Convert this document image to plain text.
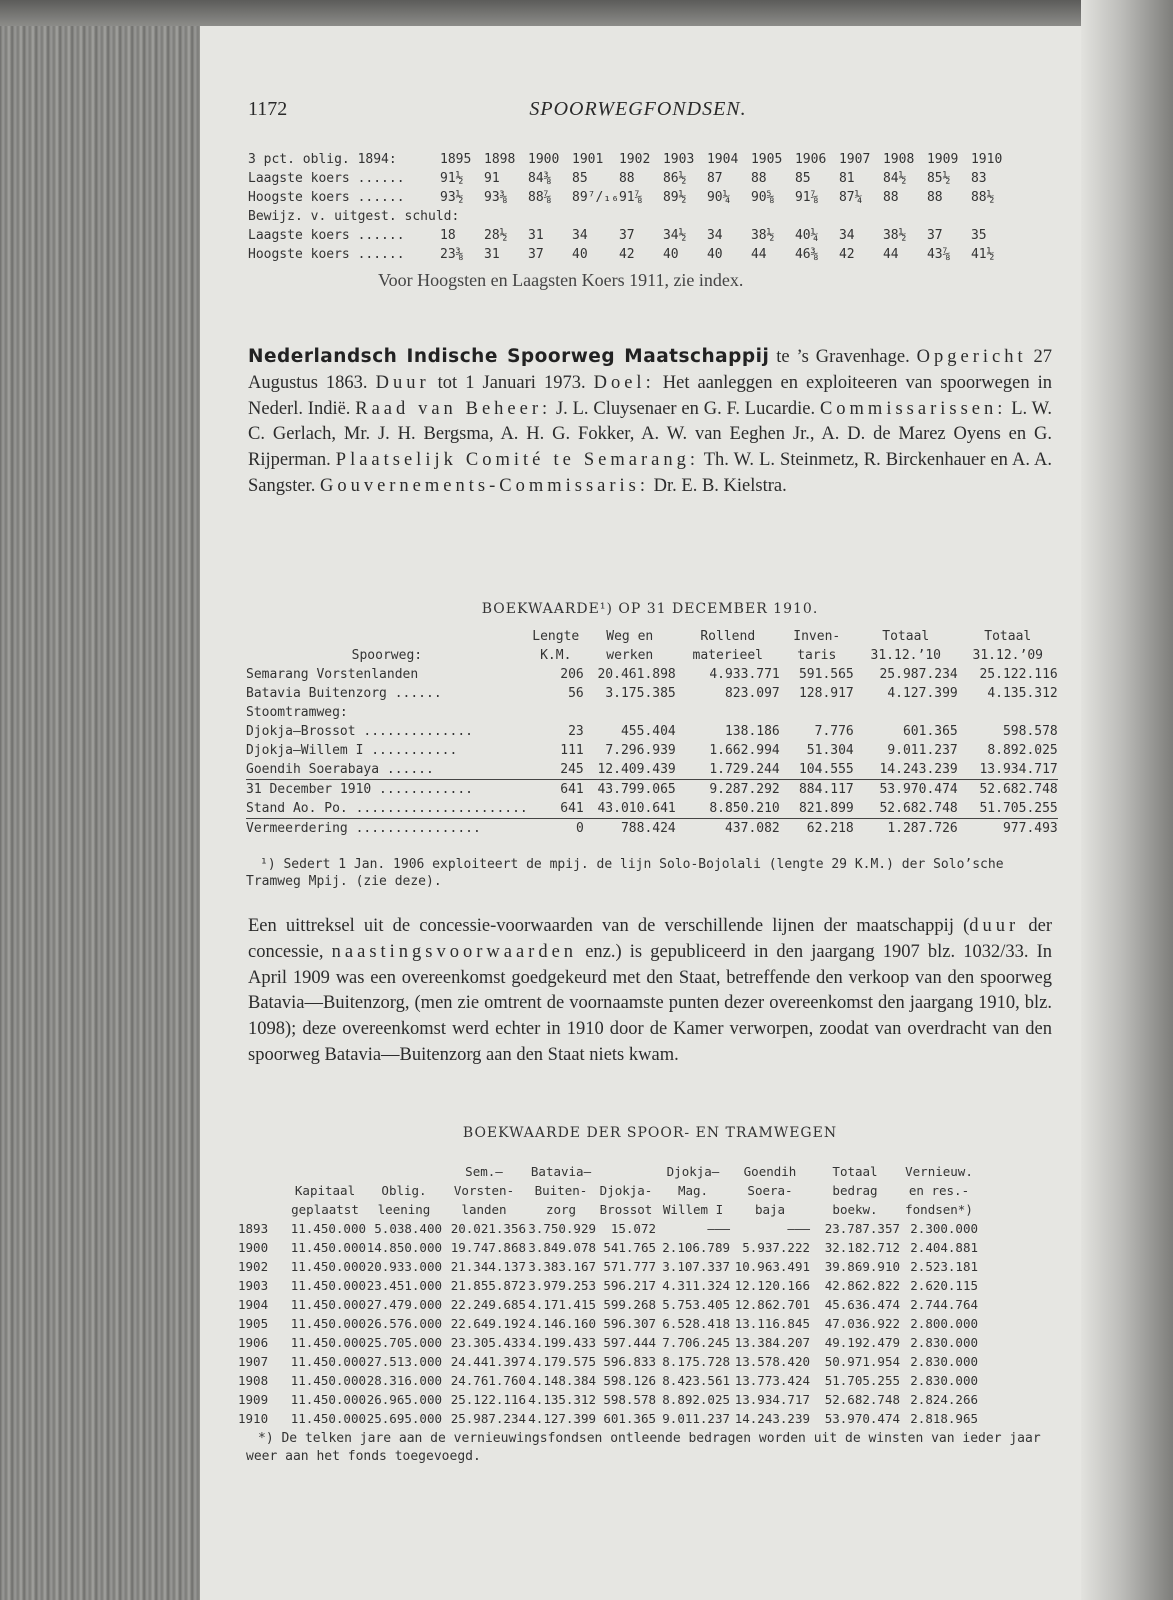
1172	SPOORWEGFONDSEN.
3 pct. oblig. 1894:	1895	1898	1900	1901	1902	1903	1904	1905	1906	1907	1908	1909	1910
Laagste koers ......	91½	91	84⅜	85	88	86½	87	88	85	81	84½	85½	83
Hoogste koers ......	93½	93⅜	88⅞	89⁷/₁₆	91⅞	89½	90¼	90⅝	91⅞	87¼	88	88	88½
Bewijz. v. uitgest. schuld:													
Laagste koers ......	18	28½	31	34	37	34½	34	38½	40¼	34	38½	37	35
Hoogste koers ......	23⅜	31	37	40	42	40	40	44	46⅜	42	44	43⅞	41½
Voor Hoogsten en Laagsten Koers 1911, zie index.
Nederlandsch Indische Spoorweg Maatschappij te ’s Gravenhage. Opgericht 27 Augustus 1863. Duur tot 1 Januari 1973. Doel: Het aanleggen en exploiteeren van spoorwegen in Nederl. Indië. Raad van Beheer: J. L. Cluysenaer en G. F. Lucardie. Commissarissen: L. W. C. Gerlach, Mr. J. H. Bergsma, A. H. G. Fokker, A. W. van Eeghen Jr., A. D. de Marez Oyens en G. Rijperman. Plaatselijk Comité te Semarang: Th. W. L. Steinmetz, R. Birckenhauer en A. A. Sangster. Gouvernements-Commissaris: Dr. E. B. Kielstra.
BOEKWAARDE¹) OP 31 DECEMBER 1910.
	Lengte	Weg en	Rollend	Inven-	Totaal	Totaal
Spoorweg:	K.M.	werken	materieel	taris	31.12.’10	31.12.’09
Semarang Vorstenlanden	206	20.461.898	4.933.771	591.565	25.987.234	25.122.116
Batavia Buitenzorg ......	56	3.175.385	823.097	128.917	4.127.399	4.135.312
Stoomtramweg:						
Djokja—Brossot ..............	23	455.404	138.186	7.776	601.365	598.578
Djokja—Willem I ...........	111	7.296.939	1.662.994	51.304	9.011.237	8.892.025
Goendih Soerabaya ......	245	12.409.439	1.729.244	104.555	14.243.239	13.934.717
31 December 1910 ............	641	43.799.065	9.287.292	884.117	53.970.474	52.682.748
Stand Ao. Po. ......................	641	43.010.641	8.850.210	821.899	52.682.748	51.705.255
Vermeerdering ................	0	788.424	437.082	62.218	1.287.726	977.493
¹) Sedert 1 Jan. 1906 exploiteert de mpij. de lijn Solo-Bojolali (lengte 29 K.M.) der Solo’sche Tramweg Mpij. (zie deze).
Een uittreksel uit de concessie-voorwaarden van de verschillende lijnen der maatschappij (duur der concessie, naastingsvoorwaarden enz.) is gepubliceerd in den jaargang 1907 blz. 1032/33. In April 1909 was een overeenkomst goedgekeurd met den Staat, betreffende den verkoop van den spoorweg Batavia—Buitenzorg, (men zie omtrent de voornaamste punten dezer overeenkomst den jaargang 1910, blz. 1098); deze overeenkomst werd echter in 1910 door de Kamer verworpen, zoodat van overdracht van den spoorweg Batavia—Buitenzorg aan den Staat niets kwam.
BOEKWAARDE DER SPOOR- EN TRAMWEGEN
			Sem.—	Batavia—		Djokja—	Goendih	Totaal	Vernieuw.
	Kapitaal	Oblig.	Vorsten-	Buiten-	Djokja-	Mag.	Soera-	bedrag	en res.-
	geplaatst	leening	landen	zorg	Brossot	Willem I	baja	boekw.	fondsen*)
1893	11.450.000	5.038.400	20.021.356	3.750.929	15.072	———	———	23.787.357	2.300.000
1900	11.450.000	14.850.000	19.747.868	3.849.078	541.765	2.106.789	5.937.222	32.182.712	2.404.881
1902	11.450.000	20.933.000	21.344.137	3.383.167	571.777	3.107.337	10.963.491	39.869.910	2.523.181
1903	11.450.000	23.451.000	21.855.872	3.979.253	596.217	4.311.324	12.120.166	42.862.822	2.620.115
1904	11.450.000	27.479.000	22.249.685	4.171.415	599.268	5.753.405	12.862.701	45.636.474	2.744.764
1905	11.450.000	26.576.000	22.649.192	4.146.160	596.307	6.528.418	13.116.845	47.036.922	2.800.000
1906	11.450.000	25.705.000	23.305.433	4.199.433	597.444	7.706.245	13.384.207	49.192.479	2.830.000
1907	11.450.000	27.513.000	24.441.397	4.179.575	596.833	8.175.728	13.578.420	50.971.954	2.830.000
1908	11.450.000	28.316.000	24.761.760	4.148.384	598.126	8.423.561	13.773.424	51.705.255	2.830.000
1909	11.450.000	26.965.000	25.122.116	4.135.312	598.578	8.892.025	13.934.717	52.682.748	2.824.266
1910	11.450.000	25.695.000	25.987.234	4.127.399	601.365	9.011.237	14.243.239	53.970.474	2.818.965
*) De telken jare aan de vernieuwingsfondsen ontleende bedragen worden uit de winsten van ieder jaar weer aan het fonds toegevoegd.
